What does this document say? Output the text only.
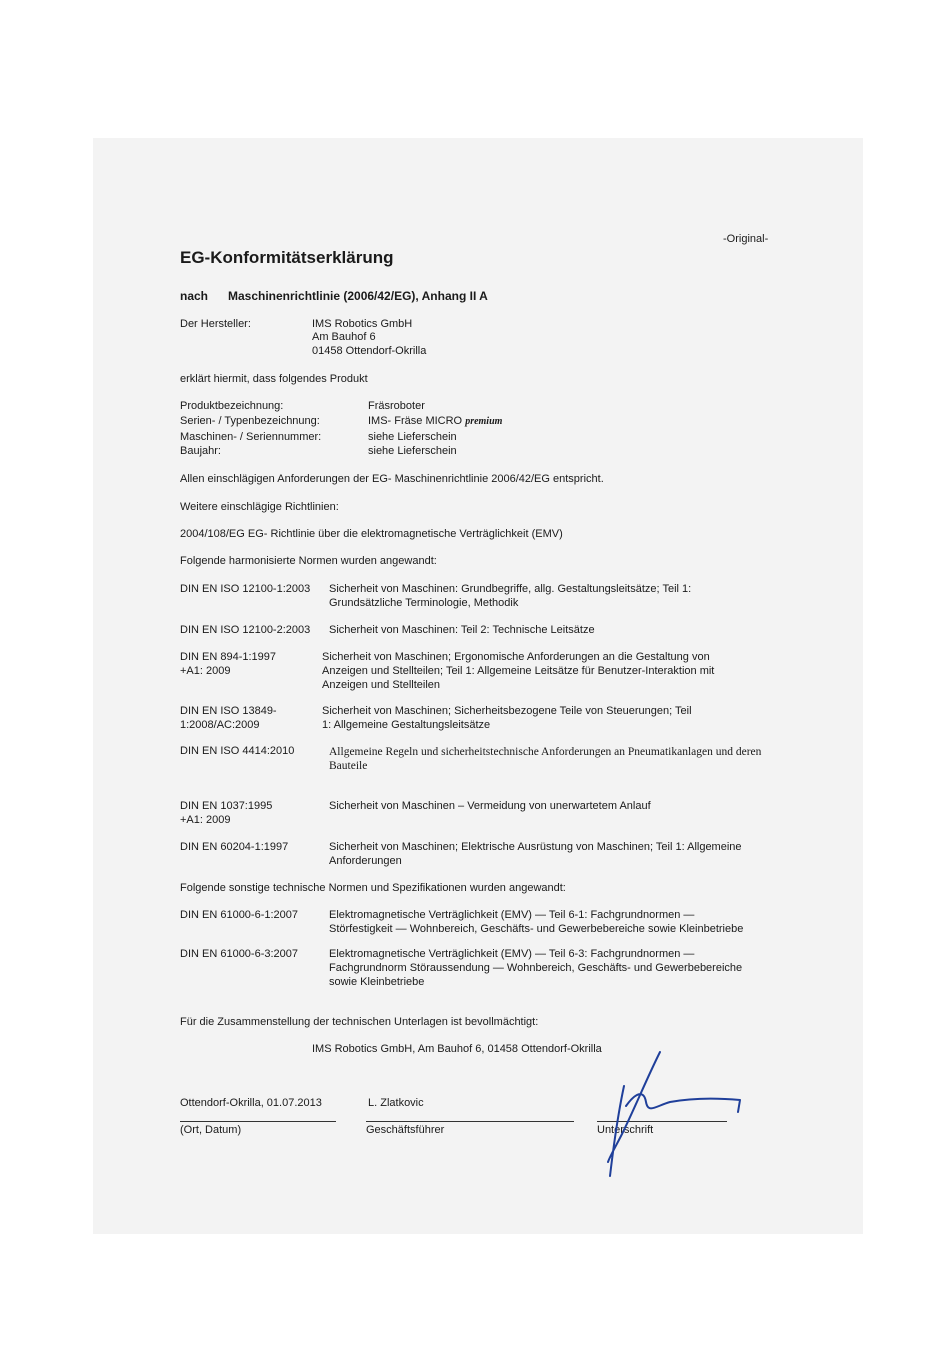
-Original-
EG-Konformitätserklärung
nach Maschinenrichtlinie (2006/42/EG), Anhang II A
Der Hersteller:	IMS Robotics GmbH
Am Bauhof 6
01458 Ottendorf-Okrilla
erklärt hiermit, dass folgendes Produkt
Produktbezeichnung:	Fräsroboter
Serien- / Typenbezeichnung:	IMS- Fräse MICRO premium
Maschinen- / Seriennummer:	siehe Lieferschein
Baujahr:	siehe Lieferschein
Allen einschlägigen Anforderungen der EG- Maschinenrichtlinie 2006/42/EG entspricht.
Weitere einschlägige Richtlinien:
2004/108/EG EG- Richtlinie über die elektromagnetische Verträglichkeit (EMV)
Folgende harmonisierte Normen wurden angewandt:
DIN EN ISO 12100-1:2003 Sicherheit von Maschinen: Grundbegriffe, allg. Gestaltungsleitsätze; Teil 1:
Grundsätzliche Terminologie, Methodik
DIN EN ISO 12100-2:2003 Sicherheit von Maschinen: Teil 2: Technische Leitsätze
DIN EN 894-1:1997
+A1: 2009
Sicherheit von Maschinen; Ergonomische Anforderungen an die Gestaltung von
Anzeigen und Stellteilen; Teil 1: Allgemeine Leitsätze für Benutzer-Interaktion mit
Anzeigen und Stellteilen
DIN EN ISO 13849-
1:2008/AC:2009
Sicherheit von Maschinen; Sicherheitsbezogene Teile von Steuerungen; Teil
1: Allgemeine Gestaltungsleitsätze
DIN EN ISO 4414:2010	Allgemeine Regeln und sicherheitstechnische Anforderungen an Pneumatikanlagen und deren
Bauteile
DIN EN 1037:1995
+A1: 2009
Sicherheit von Maschinen – Vermeidung von unerwartetem Anlauf
DIN EN 60204-1:1997	Sicherheit von Maschinen; Elektrische Ausrüstung von Maschinen; Teil 1: Allgemeine
Anforderungen
Folgende sonstige technische Normen und Spezifikationen wurden angewandt:
DIN EN 61000-6-1:2007	Elektromagnetische Verträglichkeit (EMV) — Teil 6-1: Fachgrundnormen —
Störfestigkeit — Wohnbereich, Geschäfts- und Gewerbebereiche sowie Kleinbetriebe
DIN EN 61000-6-3:2007	Elektromagnetische Verträglichkeit (EMV) — Teil 6-3: Fachgrundnormen —
Fachgrundnorm Störaussendung — Wohnbereich, Geschäfts- und Gewerbebereiche
sowie Kleinbetriebe
Für die Zusammenstellung der technischen Unterlagen ist bevollmächtigt:
IMS Robotics GmbH, Am Bauhof 6, 01458 Ottendorf-Okrilla
Ottendorf-Okrilla, 01.07.2013	L. Zlatkovic
(Ort, Datum)	Geschäftsführer	Unterschrift
